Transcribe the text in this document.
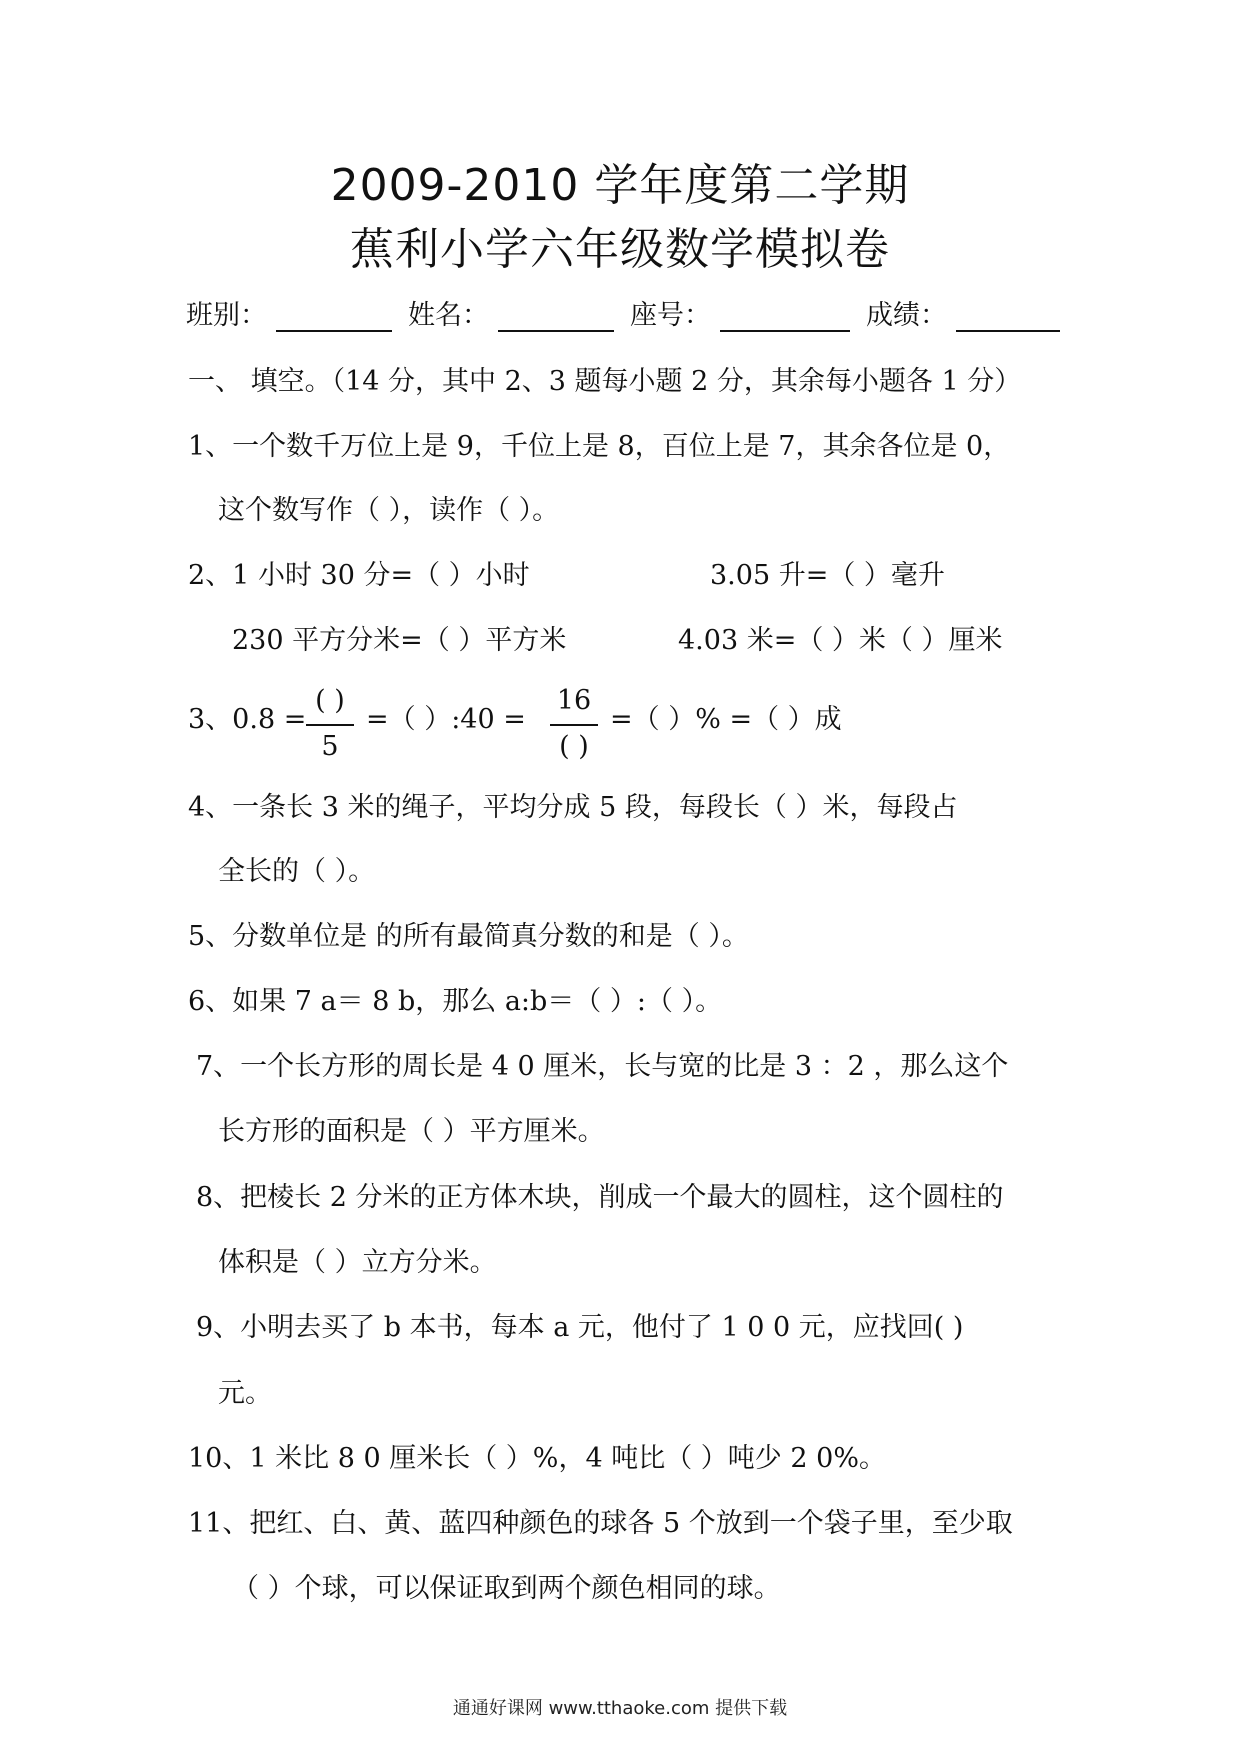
2009-2010 学年度第二学期
蕉利小学六年级数学模拟卷
班别：	姓名：	座号：	成绩：
一、 填空。（14 分，其中 2、3 题每小题 2 分，其余每小题各 1 分）
1、一个数千万位上是 9，千位上是 8，百位上是 7，其余各位是 0，
这个数写作（ ），读作（ ）。
2、1 小时 30 分=（ ）小时	3.05 升=（ ）毫升
230 平方分米=（ ）平方米	4.03 米=（ ）米（ ）厘米
3、0.8 =
( )
5
=（ ）:40 =
16
( )
=（ ）% =（ ）成
4、一条长 3 米的绳子，平均分成 5 段，每段长（ ）米，每段占
全长的（ ）。
5、分数单位是 的所有最简真分数的和是（ ）。
6、如果 7 a＝ 8 b，那么 a:b＝（ ）:（ ）。
7、一个长方形的周长是 4 0 厘米，长与宽的比是 3 ：2 ，那么这个
长方形的面积是（ ）平方厘米。
8、把棱长 2 分米的正方体木块，削成一个最大的圆柱，这个圆柱的
体积是（ ）立方分米。
9、小明去买了 b 本书，每本 a 元，他付了 1 0 0 元，应找回( )
元。
10、1 米比 8 0 厘米长（ ）%，4 吨比（ ）吨少 2 0%。
11、把红、白、黄、蓝四种颜色的球各 5 个放到一个袋子里，至少取
（ ）个球，可以保证取到两个颜色相同的球。
通通好课网 www.tthaoke.com 提供下载
